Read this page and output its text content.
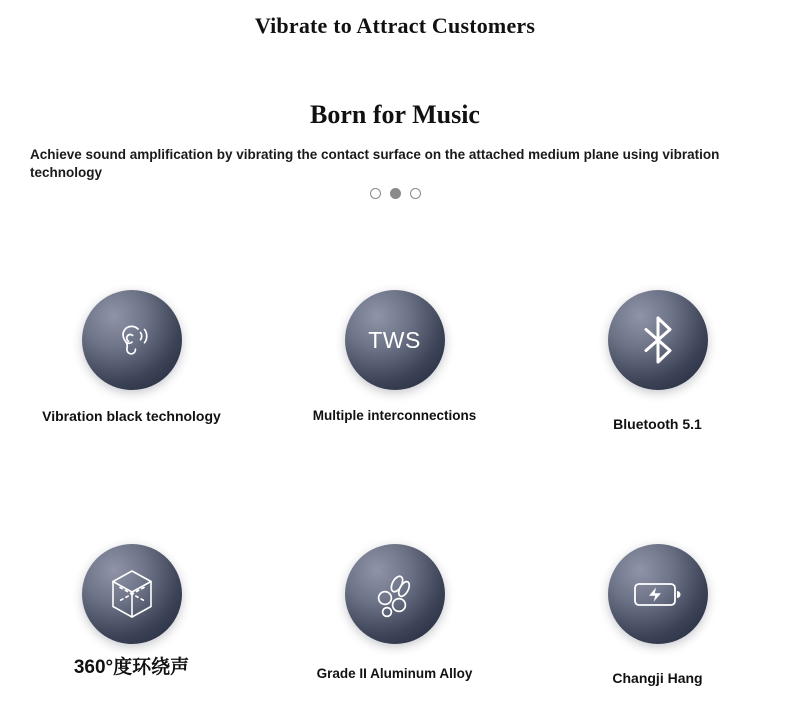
Vibrate to Attract Customers
Born for Music
Achieve sound amplification by vibrating the contact surface on the attached medium plane using vibration technology
Vibration black technology
TWS
Multiple interconnections
Bluetooth 5.1
360°度环绕声	Grade II Aluminum Alloy	Changji Hang
